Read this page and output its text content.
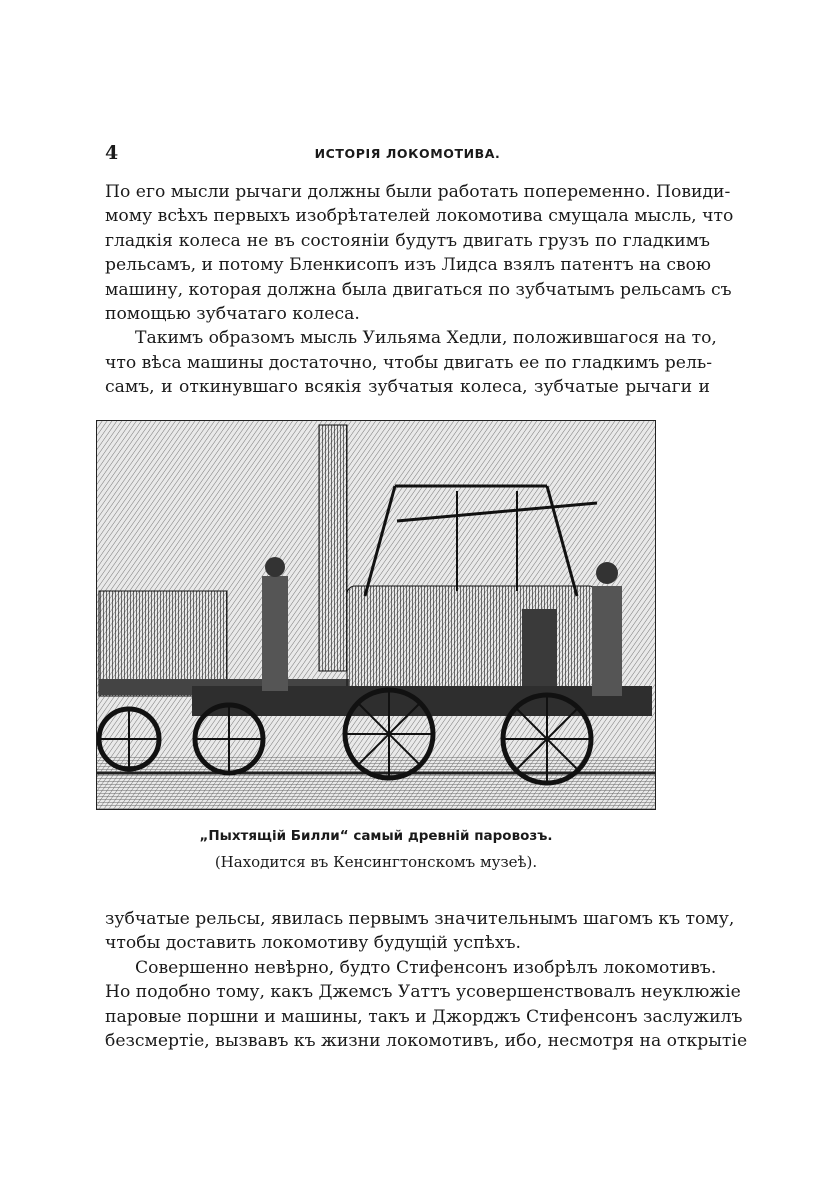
4	ИСТОРІЯ ЛОКОМОТИВА.
По его мысли рычаги должны были работать попеременно. Повиди-
мому всѣхъ первыхъ изобрѣтателей локомотива смущала мысль, что
гладкія колеса не въ состояніи будутъ двигать грузъ по гладкимъ
рельсамъ, и потому Бленкисопъ изъ Лидса взялъ патентъ на свою
машину, которая должна была двигаться по зубчатымъ рельсамъ съ
помощью зубчатаго колеса.
Такимъ образомъ мысль Уильяма Хедли, положившагося на то,
что вѣса машины достаточно, чтобы двигать ее по гладкимъ рель-
самъ, и откинувшаго всякія зубчатыя колеса, зубчатые рычаги и
„Пыхтящій Билли“ самый древній паровозъ.
(Находится въ Кенсингтонскомъ музеѣ).
зубчатые рельсы, явилась первымъ значительнымъ шагомъ къ тому,
чтобы доставить локомотиву будущій успѣхъ.
Совершенно невѣрно, будто Стифенсонъ изобрѣлъ локомотивъ.
Но подобно тому, какъ Джемсъ Уаттъ усовершенствовалъ неуклюжіе
паровые поршни и машины, такъ и Джорджъ Стифенсонъ заслужилъ
безсмертіе, вызвавъ къ жизни локомотивъ, ибо, несмотря на открытіе
